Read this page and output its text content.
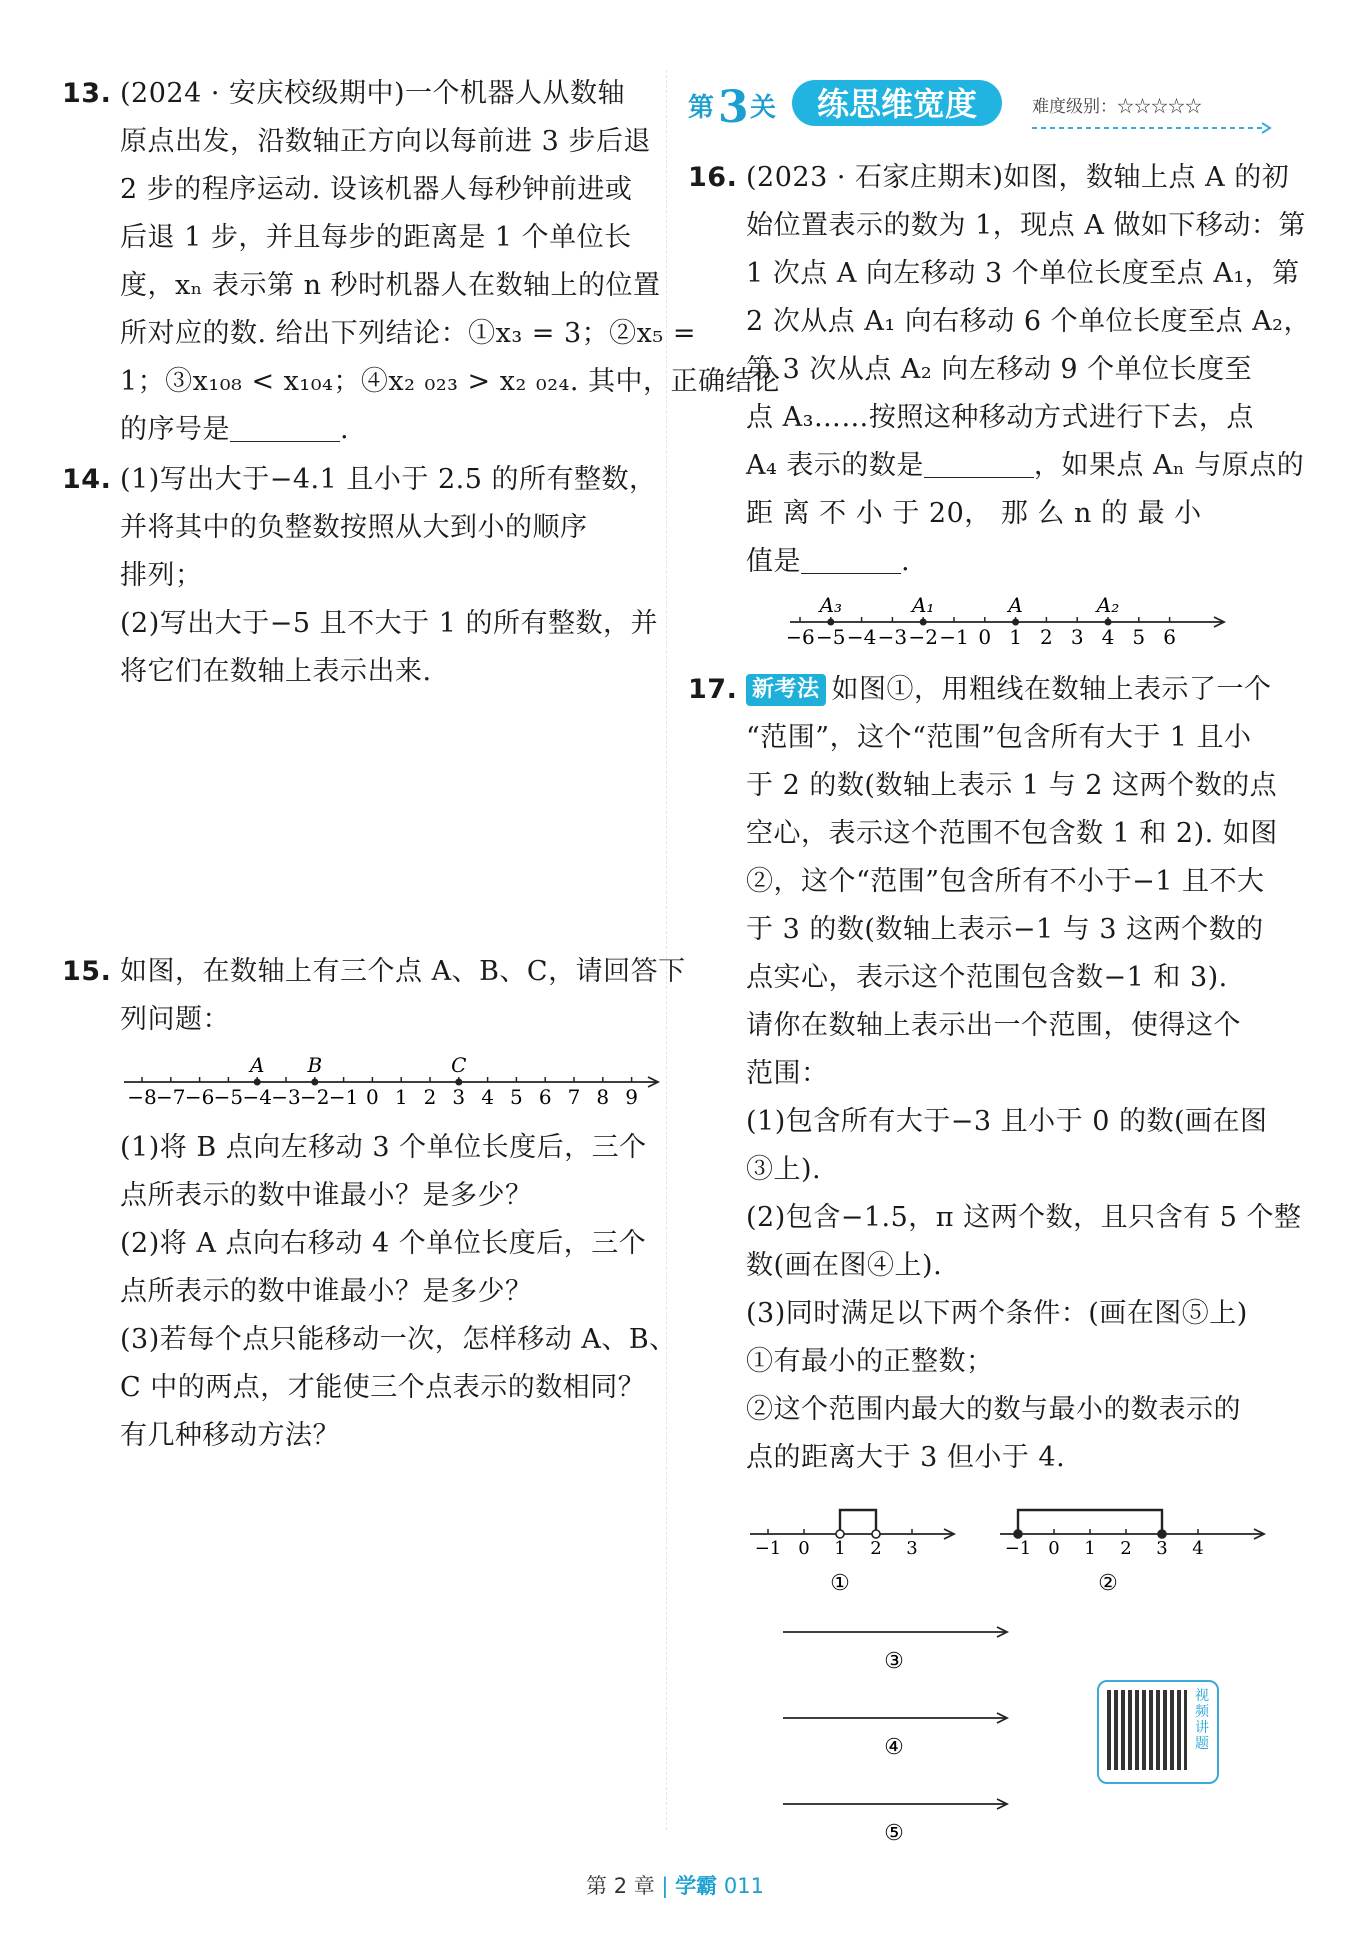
13. (2024 · 安庆校级期中)一个机器人从数轴
原点出发，沿数轴正方向以每前进 3 步后退
2 步的程序运动. 设该机器人每秒钟前进或
后退 1 步，并且每步的距离是 1 个单位长
度，xₙ 表示第 n 秒时机器人在数轴上的位置
所对应的数. 给出下列结论：①x₃ = 3；②x₅ =
1；③x₁₀₈ < x₁₀₄；④x₂ ₀₂₃ > x₂ ₀₂₄. 其中，正确结论
的序号是	.
14. (1)写出大于−4.1 且小于 2.5 的所有整数，
并将其中的负整数按照从大到小的顺序
排列；
(2)写出大于−5 且不大于 1 的所有整数，并
将它们在数轴上表示出来.
15. 如图，在数轴上有三个点 A、B、C，请回答下
列问题：
−8 −7 −6 −5 −4 −3 −2 −1 0 1 2 3 4 5 6 7 8 9
A B	C
(1)将 B 点向左移动 3 个单位长度后，三个
点所表示的数中谁最小？是多少？
(2)将 A 点向右移动 4 个单位长度后，三个
点所表示的数中谁最小？是多少？
(3)若每个点只能移动一次，怎样移动 A、B、
C 中的两点，才能使三个点表示的数相同？
有几种移动方法？
第 3 关 练思维宽度	难度级别：☆☆☆☆☆
16. (2023 · 石家庄期末)如图，数轴上点 A 的初
始位置表示的数为 1，现点 A 做如下移动：第
1 次点 A 向左移动 3 个单位长度至点 A₁，第
2 次从点 A₁ 向右移动 6 个单位长度至点 A₂，
第 3 次从点 A₂ 向左移动 9 个单位长度至
点 A₃……按照这种移动方式进行下去，点
A₄ 表示的数是	，如果点 Aₙ 与原点的
距 离 不 小 于 20， 那 么 n 的 最 小
值是	.
−6 −5 −4 −3 −2 −1 0 1 2 3 4 5 6
A₃	A₁	A	A₂
17. 新考法 如图①，用粗线在数轴上表示了一个
“范围”，这个“范围”包含所有大于 1 且小
于 2 的数(数轴上表示 1 与 2 这两个数的点
空心，表示这个范围不包含数 1 和 2). 如图
②，这个“范围”包含所有不小于−1 且不大
于 3 的数(数轴上表示−1 与 3 这两个数的
点实心，表示这个范围包含数−1 和 3).
请你在数轴上表示出一个范围，使得这个
范围：
(1)包含所有大于−3 且小于 0 的数(画在图
③上).
(2)包含−1.5，π 这两个数，且只含有 5 个整
数(画在图④上).
(3)同时满足以下两个条件：(画在图⑤上)
①有最小的正整数；
②这个范围内最大的数与最小的数表示的
点的距离大于 3 但小于 4.
−1 0 1 2 3
①
−1 0 1 2 3 4
②
③
④
⑤
视频讲题
第 2 章 | 学霸 011
